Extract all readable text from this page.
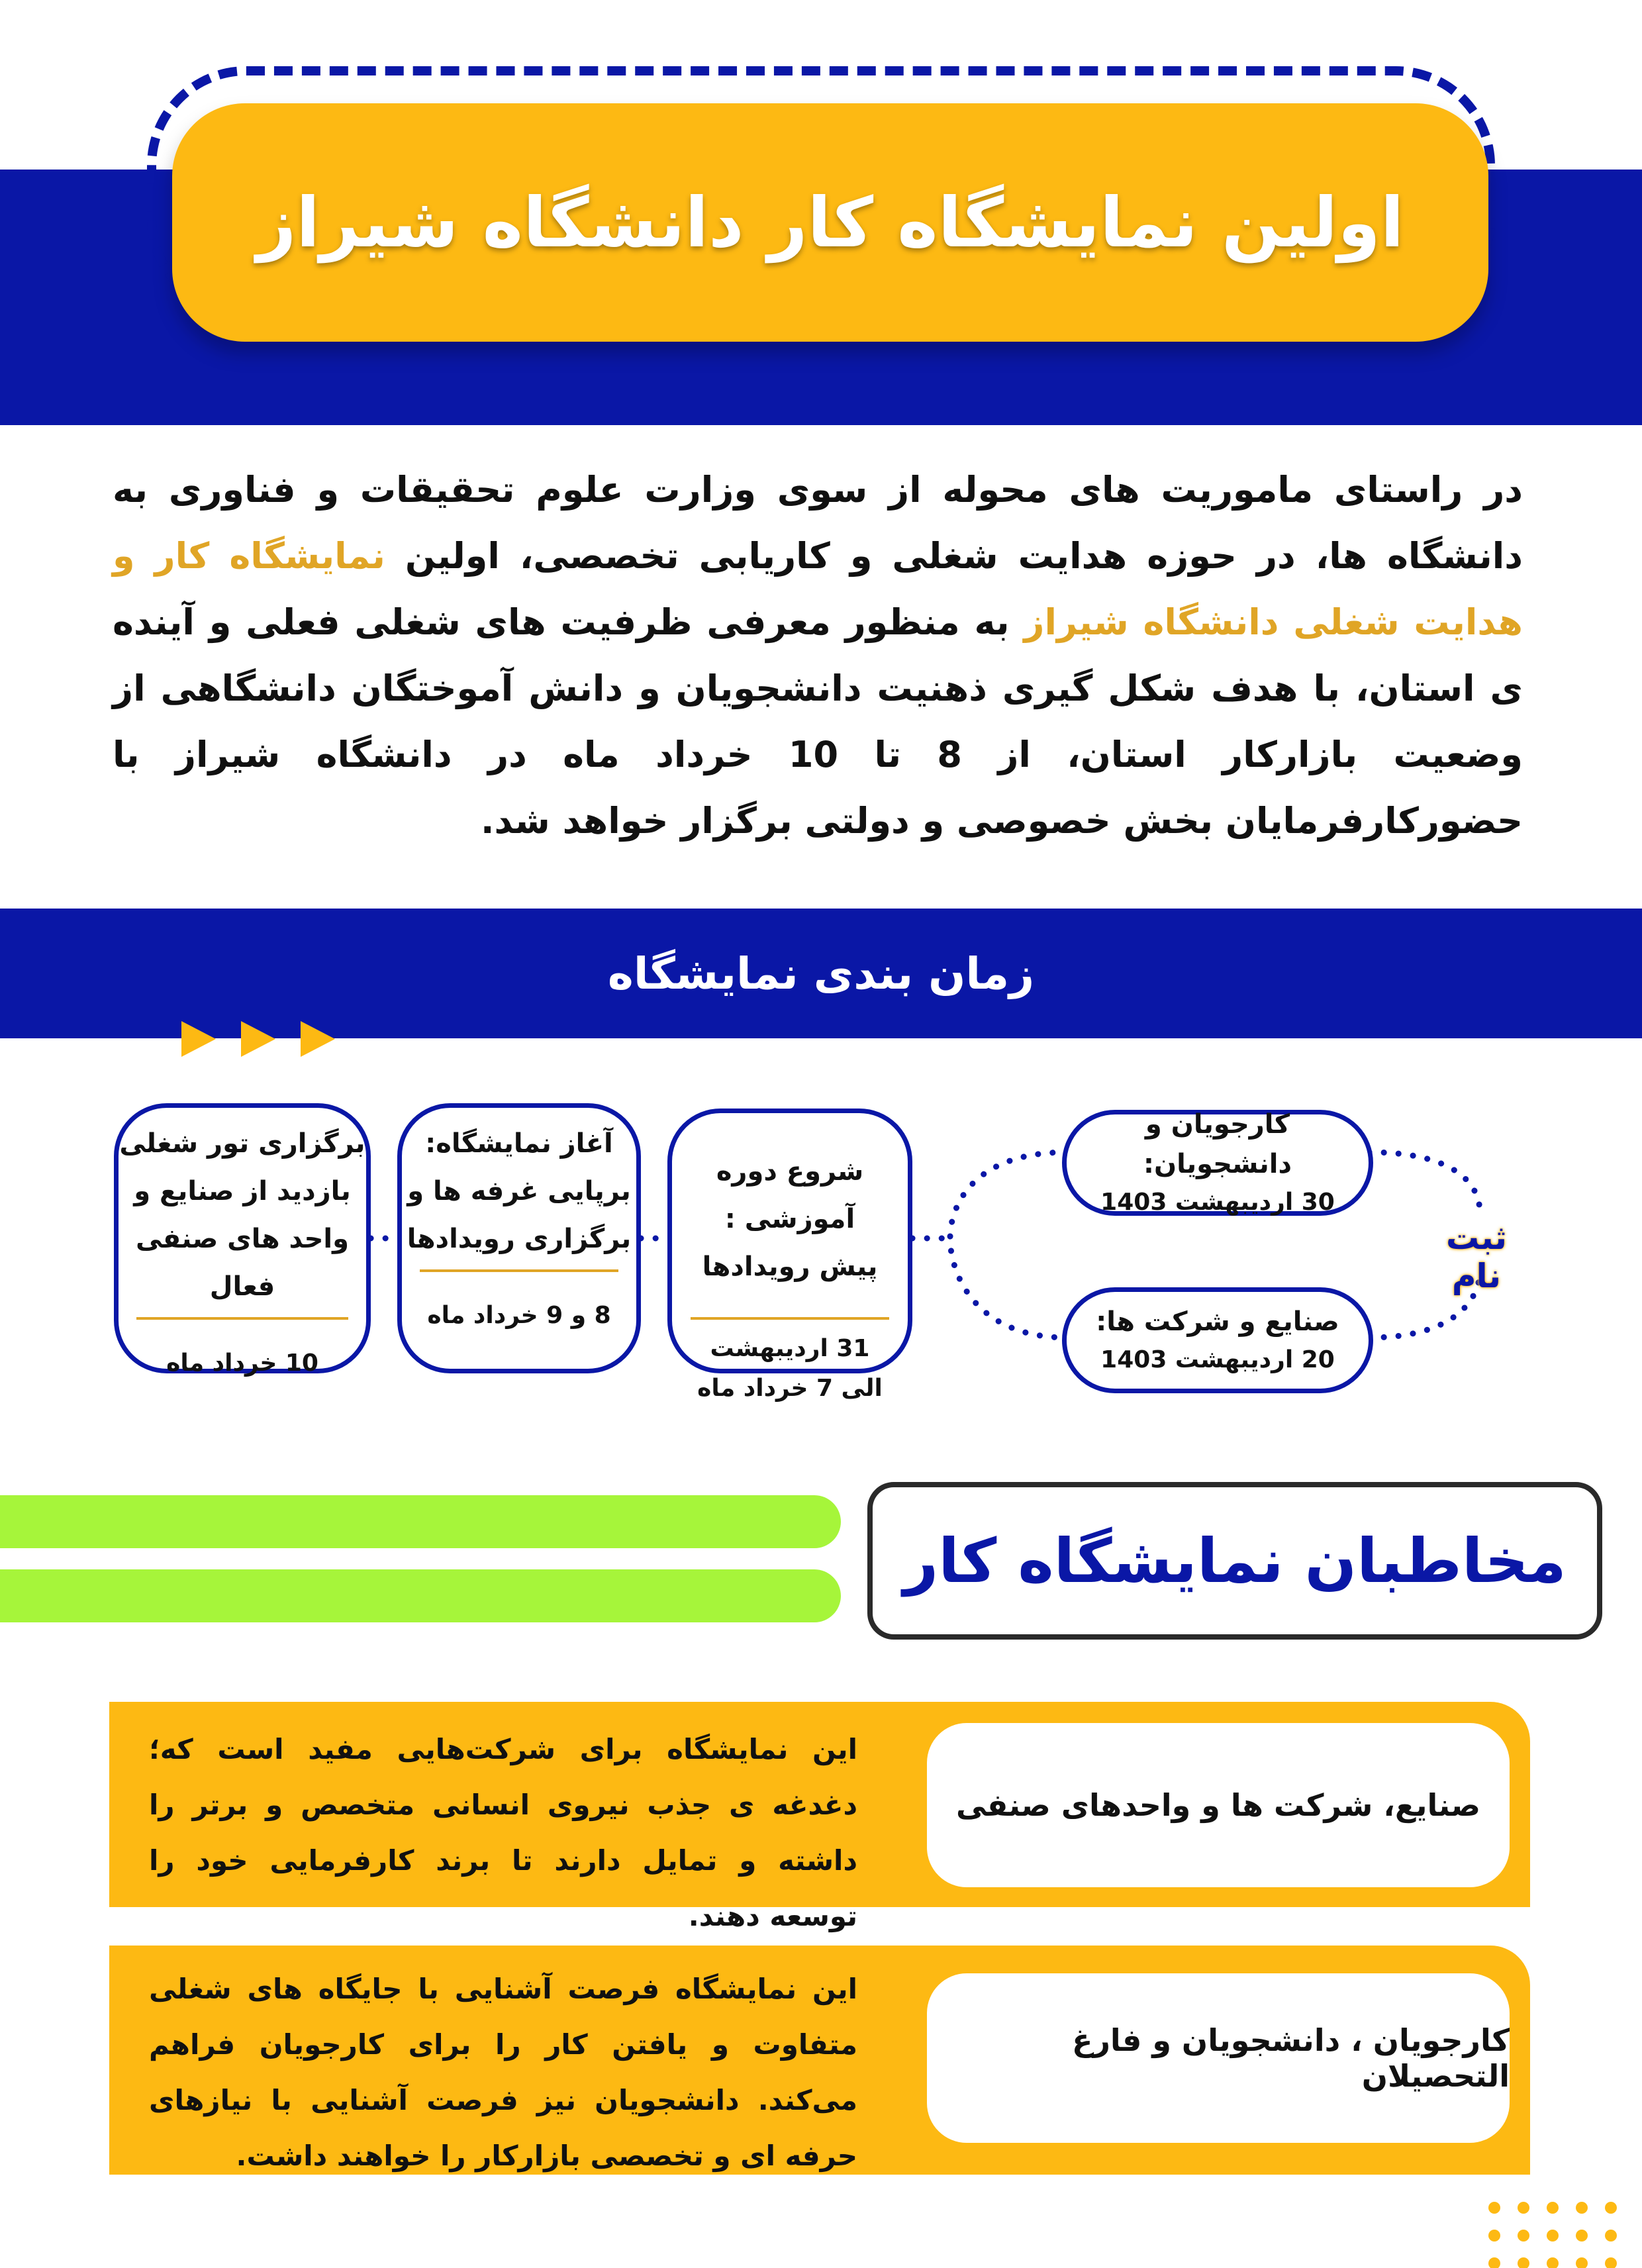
اولین نمایشگاه کار دانشگاه شیراز

در راستای ماموریت های محوله از سوی وزارت علوم تحقیقات و فناوری به دانشگاه ها، در حوزه هدایت شغلی و کاریابی تخصصی، اولین نمایشگاه کار و هدایت شغلی دانشگاه شیراز به منظور معرفی ظرفیت های شغلی فعلی و آینده ی استان، با هدف شکل گیری ذهنیت دانشجویان و دانش آموختگان دانشگاهی از وضعیت بازارکار استان، از 8 تا 10 خرداد ماه در دانشگاه شیراز با حضورکارفرمایان بخش خصوصی و دولتی برگزار خواهد شد.

زمان بندی نمایشگاه
کارجویان و دانشجویان:
30 اردیبهشت 1403
صنایع و شرکت ها:
20 اردیبهشت 1403
ثبت نام
شروع دوره آموزشی :
پیش رویدادها
31 اردیبهشت
الی 7 خرداد ماه
آغاز نمایشگاه:
برپایی غرفه ها و
برگزاری رویدادها
8 و 9 خرداد ماه
برگزاری تور شغلی
بازدید از صنایع و
واحد های صنفی فعال
10 خرداد ماه
مخاطبان نمایشگاه کار
صنایع، شرکت ها و واحدهای صنفی

این نمایشگاه برای شرکت‌هایی مفید است که؛ دغدغه ی جذب نیروی انسانی متخصص و برتر را داشته و تمایل دارند تا برند کارفرمایی خود را توسعه دهند.

کارجویان ، دانشجویان و فارغ التحصیلان

این نمایشگاه فرصت آشنایی با جایگاه های شغلی متفاوت و یافتن کار را برای کارجویان فراهم می‌کند. دانشجویان نیز فرصت آشنایی با نیازهای حرفه ای و تخصصی بازارکار را خواهند داشت.
